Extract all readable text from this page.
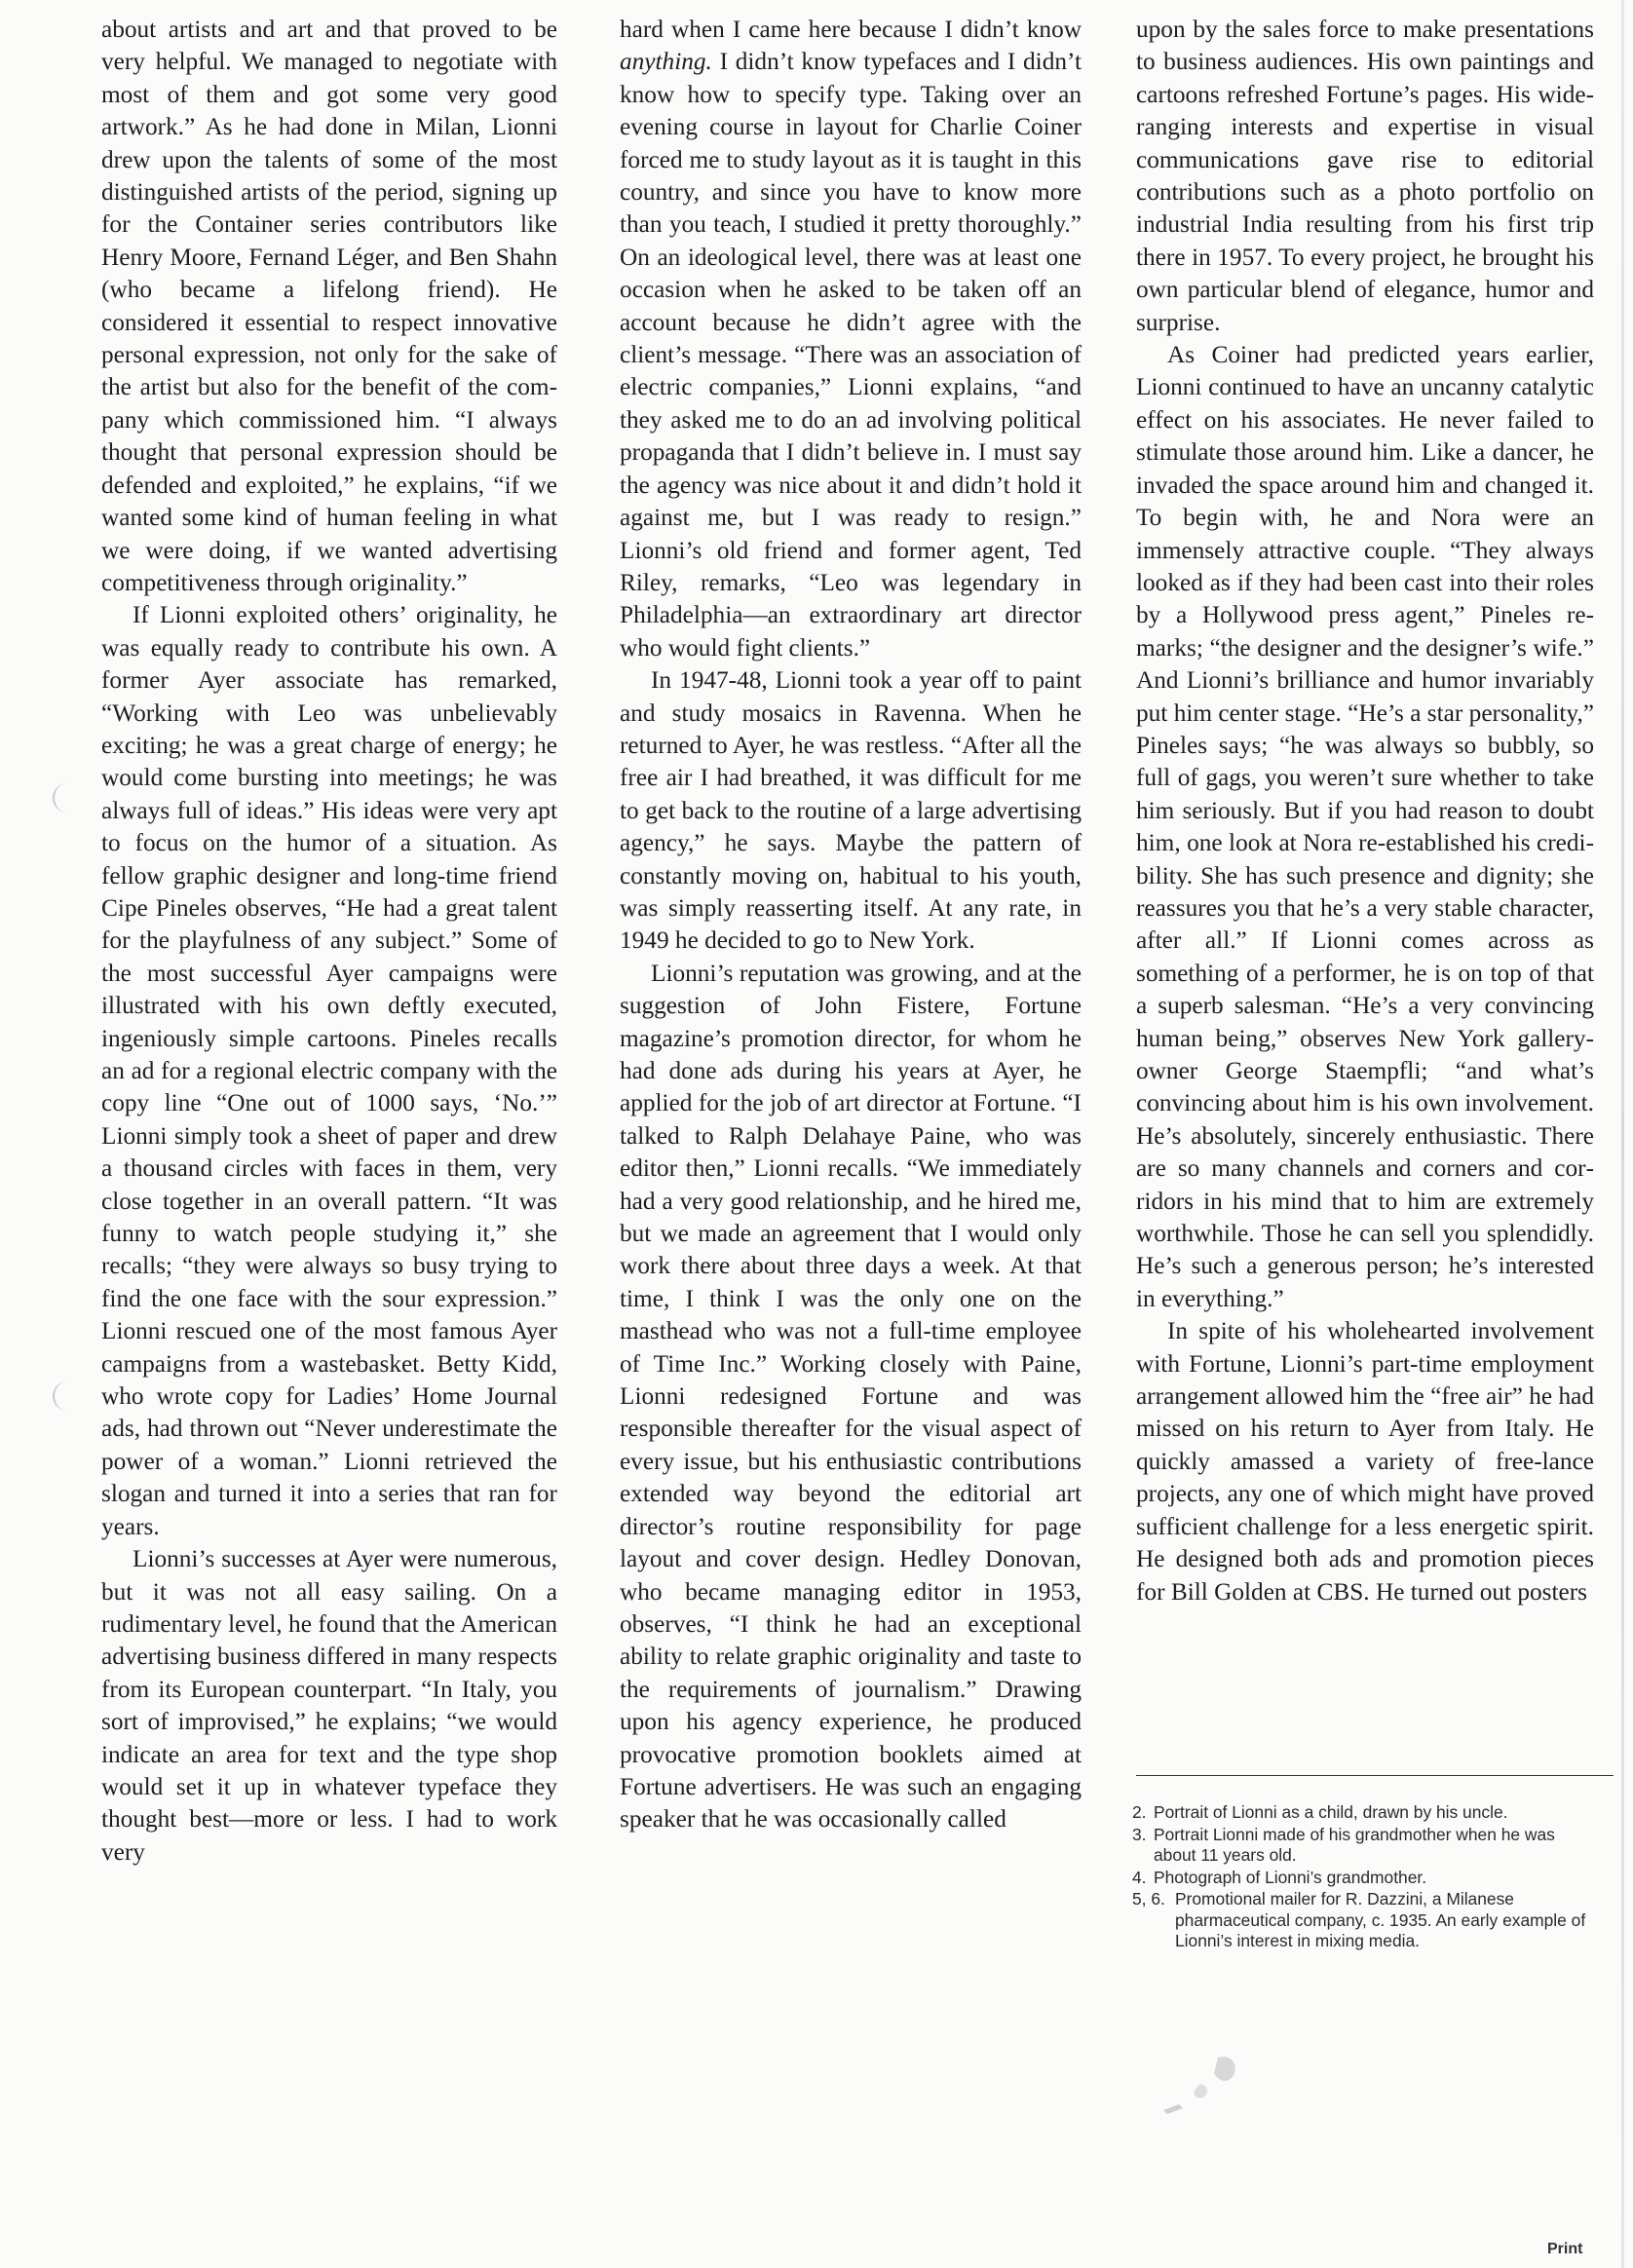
about artists and art and that proved to be very helpful. We managed to negotiate with most of them and got some very good artwork.” As he had done in Milan, Lionni drew upon the talents of some of the most distinguished artists of the period, signing up for the Container series contributors like Henry Moore, Fernand Léger, and Ben Shahn (who became a lifelong friend). He considered it essential to respect innovative personal expression, not only for the sake of the artist but also for the benefit of the company which commissioned him. “I always thought that personal expression should be defended and exploited,” he explains, “if we wanted some kind of human feeling in what we were doing, if we wanted advertising competitiveness through originality.”

If Lionni exploited others’ originality, he was equally ready to contribute his own. A former Ayer associate has remarked, “Working with Leo was unbelievably exciting; he was a great charge of energy; he would come bursting into meetings; he was always full of ideas.” His ideas were very apt to focus on the humor of a situation. As fellow graphic designer and long-time friend Cipe Pineles observes, “He had a great talent for the playfulness of any subject.” Some of the most successful Ayer campaigns were illustrated with his own deftly executed, ingeniously simple cartoons. Pineles recalls an ad for a regional electric company with the copy line “One out of 1000 says, ‘No.’” Lionni simply took a sheet of paper and drew a thousand circles with faces in them, very close together in an overall pattern. “It was funny to watch people studying it,” she recalls; “they were always so busy trying to find the one face with the sour expression.” Lionni rescued one of the most famous Ayer campaigns from a wastebasket. Betty Kidd, who wrote copy for Ladies’ Home Journal ads, had thrown out “Never underestimate the power of a woman.” Lionni retrieved the slogan and turned it into a series that ran for years.

Lionni’s successes at Ayer were numerous, but it was not all easy sailing. On a rudimentary level, he found that the American advertising business differed in many respects from its European counterpart. “In Italy, you sort of improvised,” he explains; “we would indicate an area for text and the type shop would set it up in whatever typeface they thought best—more or less. I had to work very

hard when I came here because I didn’t know anything. I didn’t know typefaces and I didn’t know how to specify type. Taking over an evening course in layout for Charlie Coiner forced me to study layout as it is taught in this country, and since you have to know more than you teach, I studied it pretty thoroughly.” On an ideological level, there was at least one occasion when he asked to be taken off an account because he didn’t agree with the client’s message. “There was an association of electric companies,” Lionni explains, “and they asked me to do an ad involving political propaganda that I didn’t believe in. I must say the agency was nice about it and didn’t hold it against me, but I was ready to resign.” Lionni’s old friend and former agent, Ted Riley, remarks, “Leo was legendary in Philadelphia—an extraordinary art director who would fight clients.”

In 1947-48, Lionni took a year off to paint and study mosaics in Ravenna. When he returned to Ayer, he was restless. “After all the free air I had breathed, it was difficult for me to get back to the routine of a large advertising agency,” he says. Maybe the pattern of constantly moving on, habitual to his youth, was simply reasserting itself. At any rate, in 1949 he decided to go to New York.

Lionni’s reputation was growing, and at the suggestion of John Fistere, Fortune magazine’s promotion director, for whom he had done ads during his years at Ayer, he applied for the job of art director at Fortune. “I talked to Ralph Delahaye Paine, who was editor then,” Lionni recalls. “We immediately had a very good relationship, and he hired me, but we made an agreement that I would only work there about three days a week. At that time, I think I was the only one on the masthead who was not a full-time employee of Time Inc.” Working closely with Paine, Lionni redesigned Fortune and was responsible thereafter for the visual aspect of every issue, but his enthusiastic contributions extended way beyond the editorial art director’s routine responsibility for page layout and cover design. Hedley Donovan, who became managing editor in 1953, observes, “I think he had an exceptional ability to relate graphic originality and taste to the requirements of journalism.” Drawing upon his agency experience, he produced provocative promotion booklets aimed at Fortune advertisers. He was such an engaging speaker that he was occasionally called

upon by the sales force to make presentations to business audiences. His own paintings and cartoons refreshed Fortune’s pages. His wide-ranging interests and expertise in visual communications gave rise to editorial contributions such as a photo portfolio on industrial India resulting from his first trip there in 1957. To every project, he brought his own particular blend of elegance, humor and surprise.

As Coiner had predicted years earlier, Lionni continued to have an uncanny catalytic effect on his associates. He never failed to stimulate those around him. Like a dancer, he invaded the space around him and changed it. To begin with, he and Nora were an immensely attractive couple. “They always looked as if they had been cast into their roles by a Hollywood press agent,” Pineles remarks; “the designer and the designer’s wife.” And Lionni’s brilliance and humor invariably put him center stage. “He’s a star personality,” Pineles says; “he was always so bubbly, so full of gags, you weren’t sure whether to take him seriously. But if you had reason to doubt him, one look at Nora re-established his credibility. She has such presence and dignity; she reassures you that he’s a very stable character, after all.” If Lionni comes across as something of a performer, he is on top of that a superb salesman. “He’s a very convincing human being,” observes New York gallery-owner George Staempfli; “and what’s convincing about him is his own involvement. He’s absolutely, sincerely enthusiastic. There are so many channels and corners and corridors in his mind that to him are extremely worthwhile. Those he can sell you splendidly. He’s such a generous person; he’s interested in everything.”

In spite of his wholehearted involvement with Fortune, Lionni’s part-time employment arrangement allowed him the “free air” he had missed on his return to Ayer from Italy. He quickly amassed a variety of free-lance projects, any one of which might have proved sufficient challenge for a less energetic spirit. He designed both ads and promotion pieces for Bill Golden at CBS. He turned out posters

2. Portrait of Lionni as a child, drawn by his uncle.
3. Portrait Lionni made of his grandmother when he was about 11 years old.
4. Photograph of Lionni’s grandmother.
5, 6. Promotional mailer for R. Dazzini, a Milanese pharmaceutical company, c. 1935. An early example of Lionni’s interest in mixing media.
Print
